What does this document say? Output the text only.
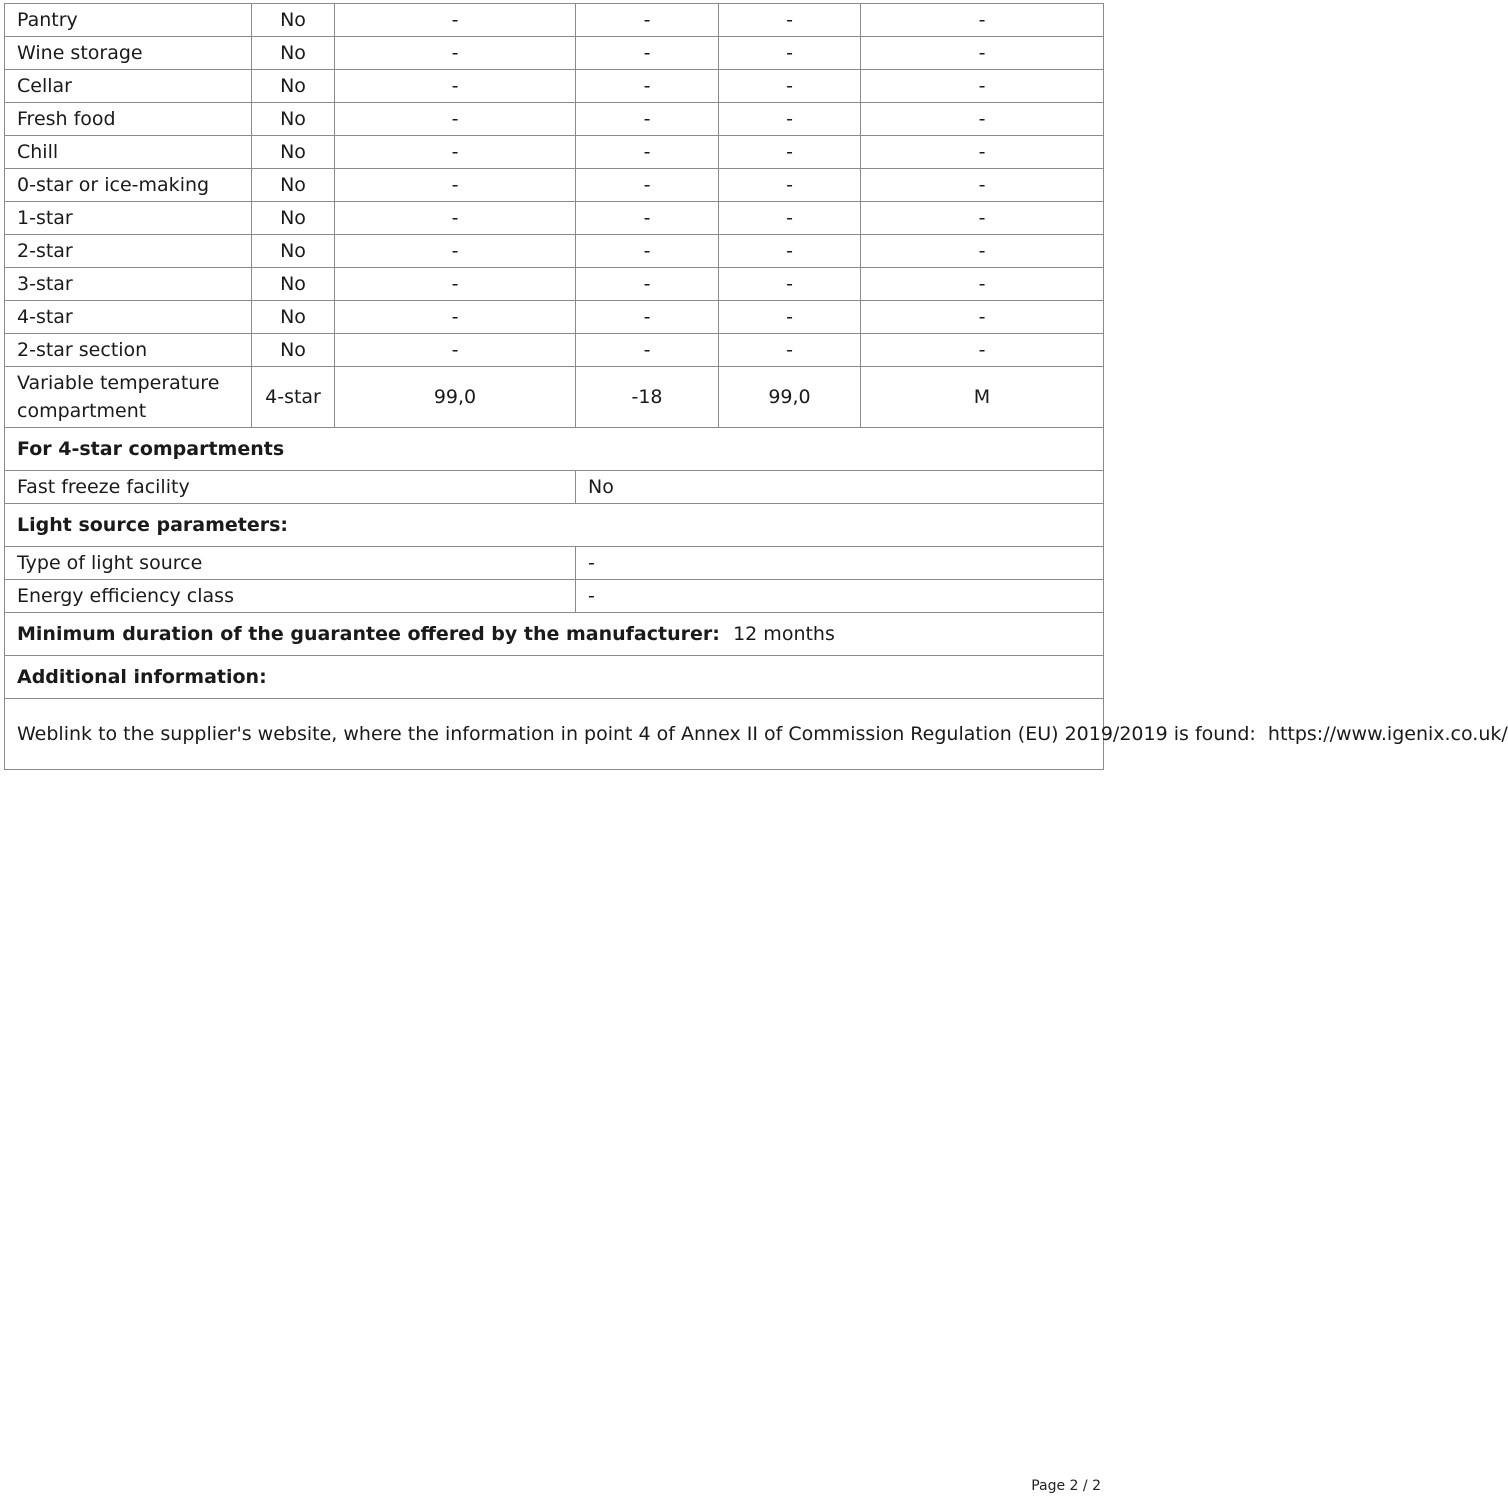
Pantry	No	-	-	-	-
Wine storage	No	-	-	-	-
Cellar	No	-	-	-	-
Fresh food	No	-	-	-	-
Chill	No	-	-	-	-
0-star or ice-making	No	-	-	-	-
1-star	No	-	-	-	-
2-star	No	-	-	-	-
3-star	No	-	-	-	-
4-star	No	-	-	-	-
2-star section	No	-	-	-	-
Variable temperature compartment	4-star	99,0	-18	99,0	M
For 4-star compartments					
Fast freeze facility			No		
Light source parameters:					
Type of light source			-		
Energy efficiency class			-		
Minimum duration of the guarantee offered by the manufacturer: 12 months					
Additional information:					
Weblink to the supplier's website, where the information in point 4 of Annex II of Commission Regulation (EU) 2019/2019 is found: https://www.igenix.co.uk/					
Page 2 / 2
